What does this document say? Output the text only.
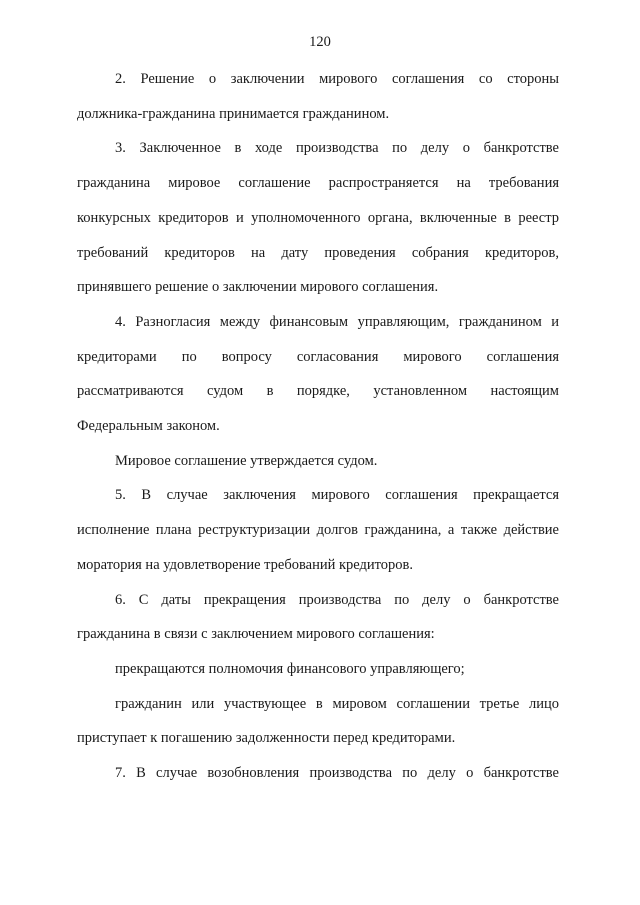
120

2. Решение о заключении мирового соглашения со стороны

должника-гражданина принимается гражданином.

3. Заключенное в ходе производства по делу о банкротстве

гражданина мировое соглашение распространяется на требования

конкурсных кредиторов и уполномоченного органа, включенные в реестр

требований кредиторов на дату проведения собрания кредиторов,

принявшего решение о заключении мирового соглашения.

4. Разногласия между финансовым управляющим, гражданином и

кредиторами по вопросу согласования мирового соглашения

рассматриваются судом в порядке, установленном настоящим

Федеральным законом.

Мировое соглашение утверждается судом.

5. В случае заключения мирового соглашения прекращается

исполнение плана реструктуризации долгов гражданина, а также действие

моратория на удовлетворение требований кредиторов.

6. С даты прекращения производства по делу о банкротстве

гражданина в связи с заключением мирового соглашения:

прекращаются полномочия финансового управляющего;

гражданин или участвующее в мировом соглашении третье лицо

приступает к погашению задолженности перед кредиторами.

7. В случае возобновления производства по делу о банкротстве
